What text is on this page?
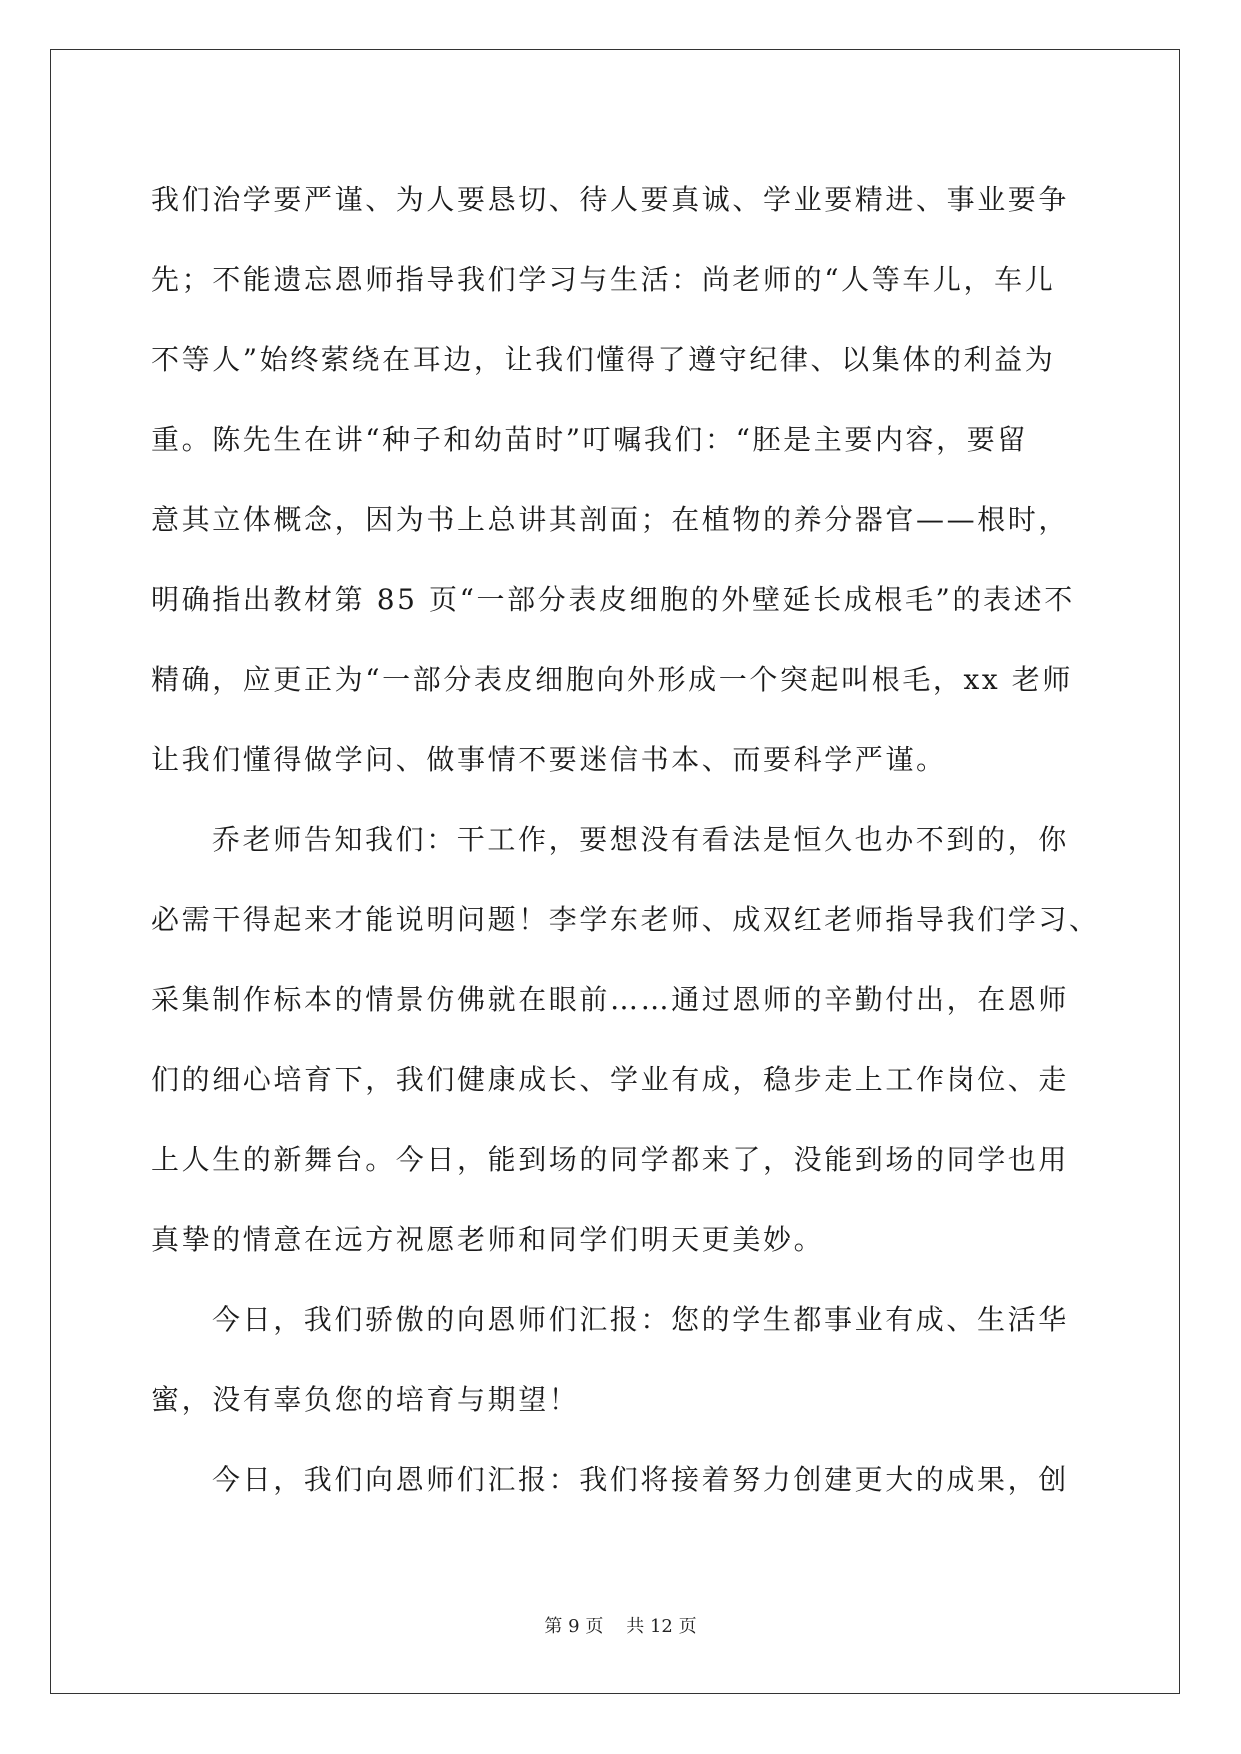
我们治学要严谨、为人要恳切、待人要真诚、学业要精进、事业要争

先；不能遗忘恩师指导我们学习与生活：尚老师的“人等车儿，车儿

不等人”始终萦绕在耳边，让我们懂得了遵守纪律、以集体的利益为

重。陈先生在讲“种子和幼苗时”叮嘱我们：“胚是主要内容，要留

意其立体概念，因为书上总讲其剖面；在植物的养分器官——根时，

明确指出教材第 85 页“一部分表皮细胞的外壁延长成根毛”的表述不

精确，应更正为“一部分表皮细胞向外形成一个突起叫根毛，xx 老师

让我们懂得做学问、做事情不要迷信书本、而要科学严谨。

乔老师告知我们：干工作，要想没有看法是恒久也办不到的，你

必需干得起来才能说明问题！李学东老师、成双红老师指导我们学习、

采集制作标本的情景仿佛就在眼前……通过恩师的辛勤付出，在恩师

们的细心培育下，我们健康成长、学业有成，稳步走上工作岗位、走

上人生的新舞台。今日，能到场的同学都来了，没能到场的同学也用

真挚的情意在远方祝愿老师和同学们明天更美妙。

今日，我们骄傲的向恩师们汇报：您的学生都事业有成、生活华

蜜，没有辜负您的培育与期望！

今日，我们向恩师们汇报：我们将接着努力创建更大的成果，创

第 9 页 共 12 页
